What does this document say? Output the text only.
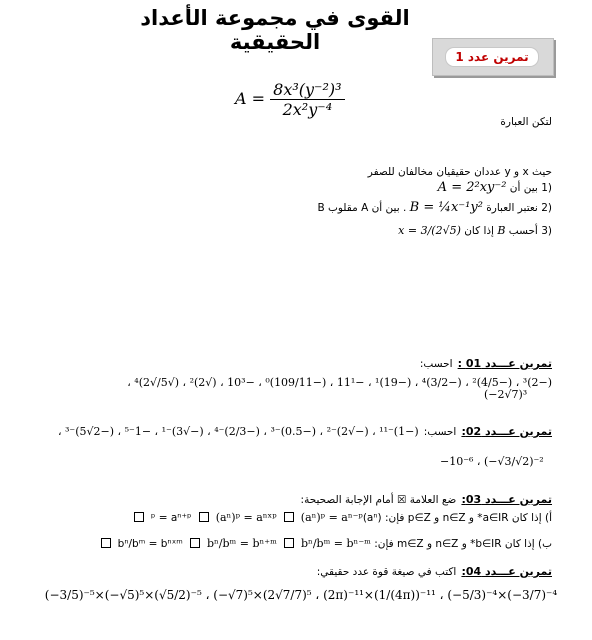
القوى في مجموعة الأعداد الحقيقية
تمرين عدد 1
$A = \frac{\text{8x³(y⁻²)³}}{\text{2x²y⁻⁴}}$
لتكن العبارة
حيث x و y عددان حقيقيان مخالفان للصفر
(1 بين أن A = 2²xy⁻²
(2 نعتبر العبارة B = ¼x⁻¹y² . بين أن A مقلوب B
(3 أحسب B إذا كان x = 3/(2√5)
تمرين عـــدد 01 : احسب: (−2)³ ، (−4/5)² ، (−3/2)⁴ ، (−19)¹ ، −11¹ ، (−109/11)⁰ ، −10³ ، (√2)² ، (√5/√2)⁴ ،
(−2√7)³
تمرين عـــدد 02: احسب: (−1)⁻¹¹ ، (−√2)⁻² ، (−0.5)⁻³ ، (−2/3)⁻⁴ ، (−√3)⁻¹ ، −1⁻⁵ ، (−2√5)⁻³ ،
−10⁻⁶ ، (−√3/√2)⁻²
تمرين عـــدد 03: ضع العلامة ☒ أمام الإجابة الصحيحة:
أ) إذا كان a∈IR* و n∈Z و p∈Z فإن: (aⁿ)ᵖ = aⁿ⁺ᵖ  (aⁿ)ᵖ = aⁿˣᵖ (aⁿ)ᵖ = aⁿ⁻ᵖ
ب) إذا كان b∈IR* و n∈Z و m∈Z فإن: bⁿ/bᵐ = bⁿˣᵐ  bⁿ/bᵐ = bⁿ⁺ᵐ bⁿ/bᵐ = bⁿ⁻ᵐ
تمرين عـــدد 04: اكتب في صيغة قوة عدد حقيقي:
(−3/5)⁻⁵×(−√5)⁵×(√5/2)⁻⁵ ، (−√7)⁵×(2√7/7)⁵ ، (2π)⁻¹¹×(1/(4π))⁻¹¹ ، (−5/3)⁻⁴×(−3/7)⁻⁴
